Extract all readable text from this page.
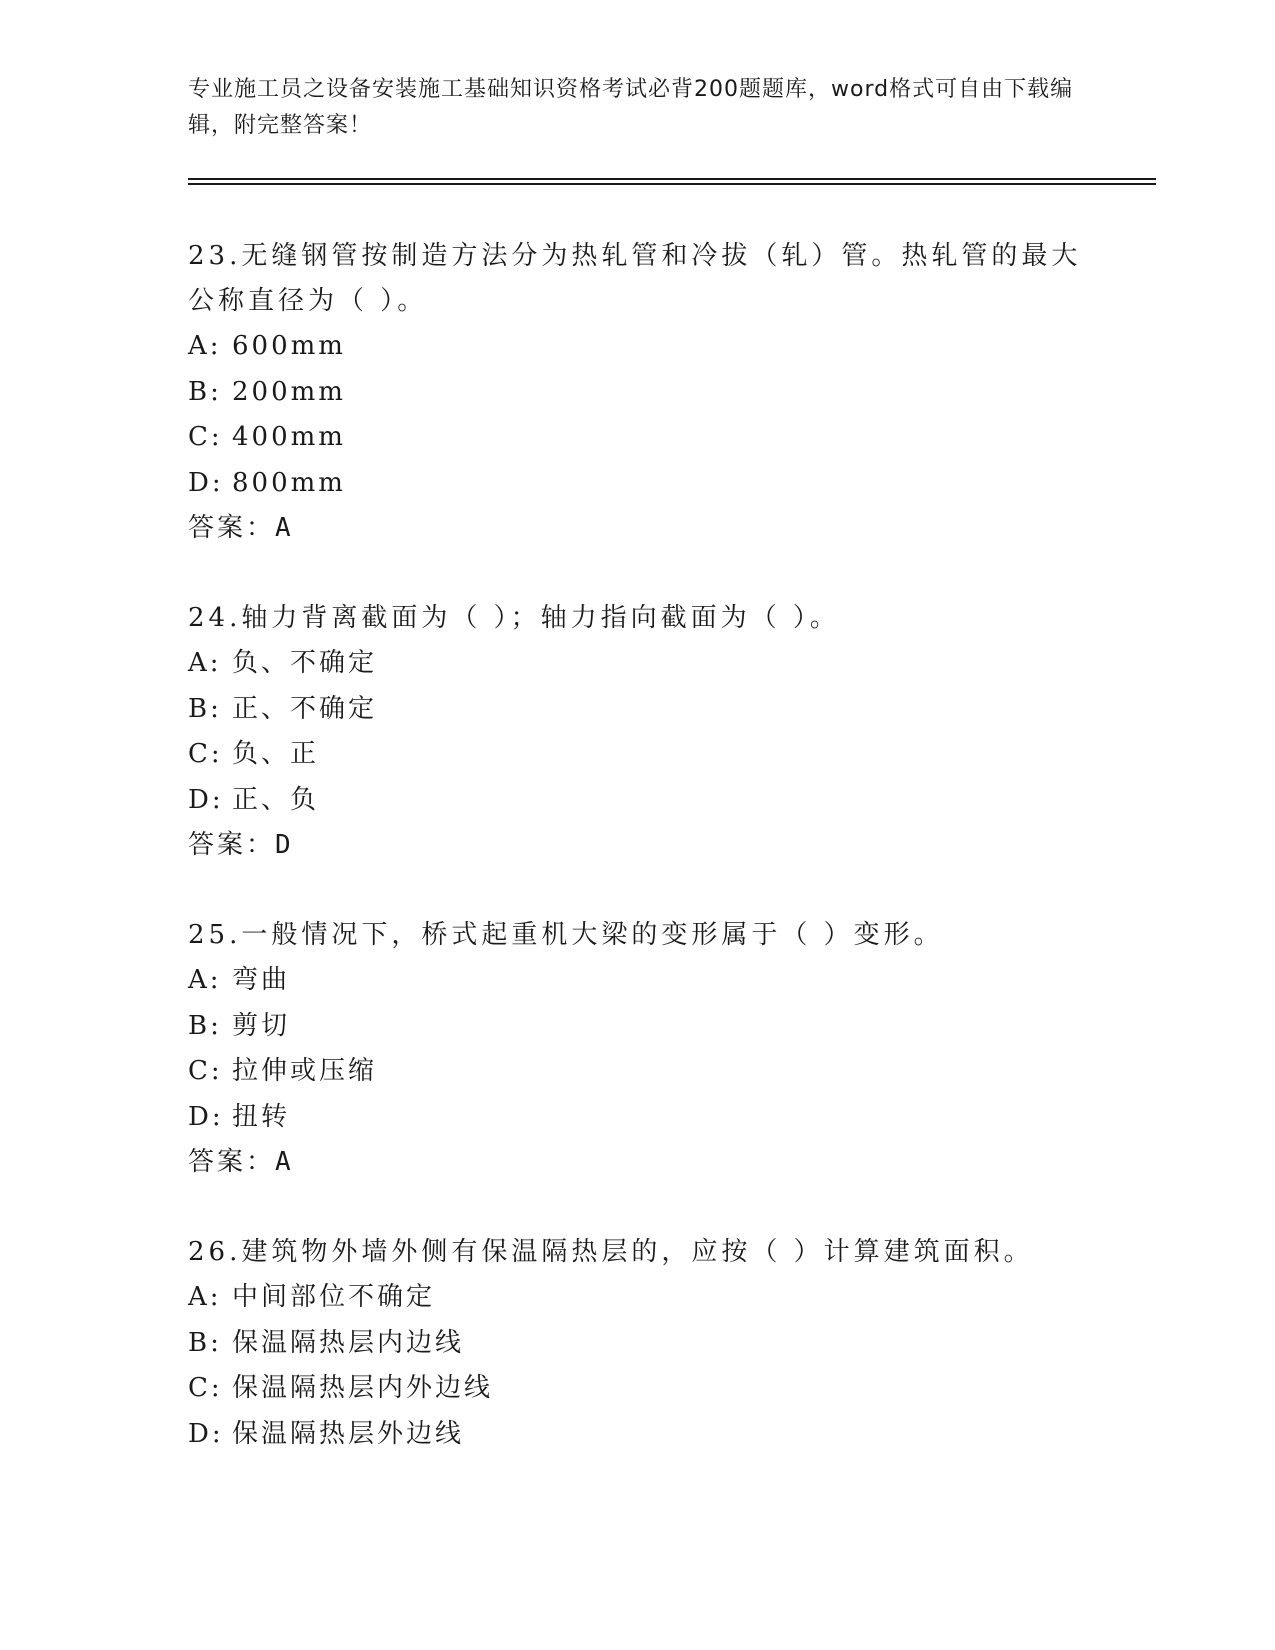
专业施工员之设备安装施工基础知识资格考试必背200题题库，word格式可自由下载编辑，附完整答案！
23.无缝钢管按制造方法分为热轧管和冷拔（轧）管。热轧管的最大公称直径为（ ）。
A: 600mm
B: 200mm
C: 400mm
D: 800mm
答案：A
24.轴力背离截面为（ ）；轴力指向截面为（ ）。
A: 负、不确定
B: 正、不确定
C: 负、正
D: 正、负
答案：D
25.一般情况下，桥式起重机大梁的变形属于（ ）变形。
A: 弯曲
B: 剪切
C: 拉伸或压缩
D: 扭转
答案：A
26.建筑物外墙外侧有保温隔热层的，应按（ ）计算建筑面积。
A: 中间部位不确定
B: 保温隔热层内边线
C: 保温隔热层内外边线
D: 保温隔热层外边线
